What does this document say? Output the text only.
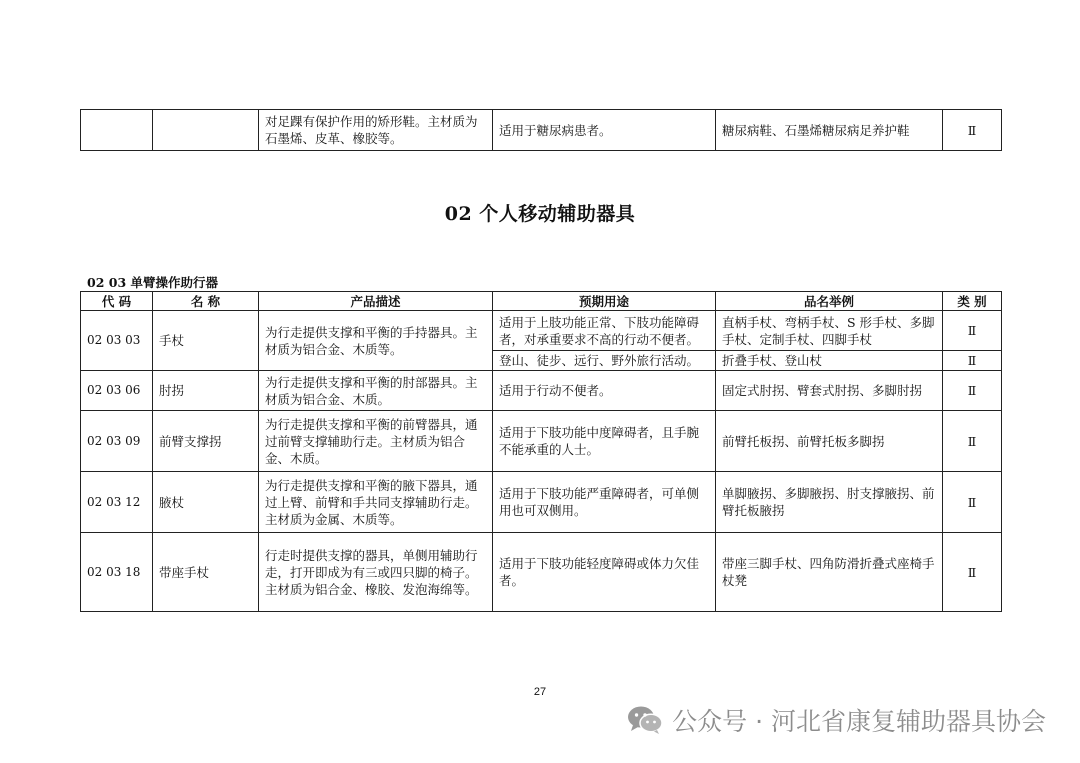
		对足踝有保护作用的矫形鞋。主材质为石墨烯、皮革、橡胶等。	适用于糖尿病患者。	糖尿病鞋、石墨烯糖尿病足养护鞋	Ⅱ
02 个人移动辅助器具
02 03 单臂操作助行器
代 码	名 称	产品描述	预期用途	品名举例	类 别
02 03 03	手杖	为行走提供支撑和平衡的手持器具。主材质为铝合金、木质等。	适用于上肢功能正常、下肢功能障碍者，对承重要求不高的行动不便者。	直柄手杖、弯柄手杖、S 形手杖、多脚手杖、定制手杖、四脚手杖	Ⅱ
			登山、徒步、远行、野外旅行活动。	折叠手杖、登山杖	Ⅱ
02 03 06	肘拐	为行走提供支撑和平衡的肘部器具。主材质为铝合金、木质。	适用于行动不便者。	固定式肘拐、臂套式肘拐、多脚肘拐	Ⅱ
02 03 09	前臂支撑拐	为行走提供支撑和平衡的前臂器具，通过前臂支撑辅助行走。主材质为铝合金、木质。	适用于下肢功能中度障碍者，且手腕不能承重的人士。	前臂托板拐、前臂托板多脚拐	Ⅱ
02 03 12	腋杖	为行走提供支撑和平衡的腋下器具，通过上臂、前臂和手共同支撑辅助行走。主材质为金属、木质等。	适用于下肢功能严重障碍者，可单侧用也可双侧用。	单脚腋拐、多脚腋拐、肘支撑腋拐、前臂托板腋拐	Ⅱ
02 03 18	带座手杖	行走时提供支撑的器具，单侧用辅助行走，打开即成为有三或四只脚的椅子。主材质为铝合金、橡胶、发泡海绵等。	适用于下肢功能轻度障碍或体力欠佳者。	带座三脚手杖、四角防滑折叠式座椅手杖凳	Ⅱ
27
公众号 · 河北省康复辅助器具协会
